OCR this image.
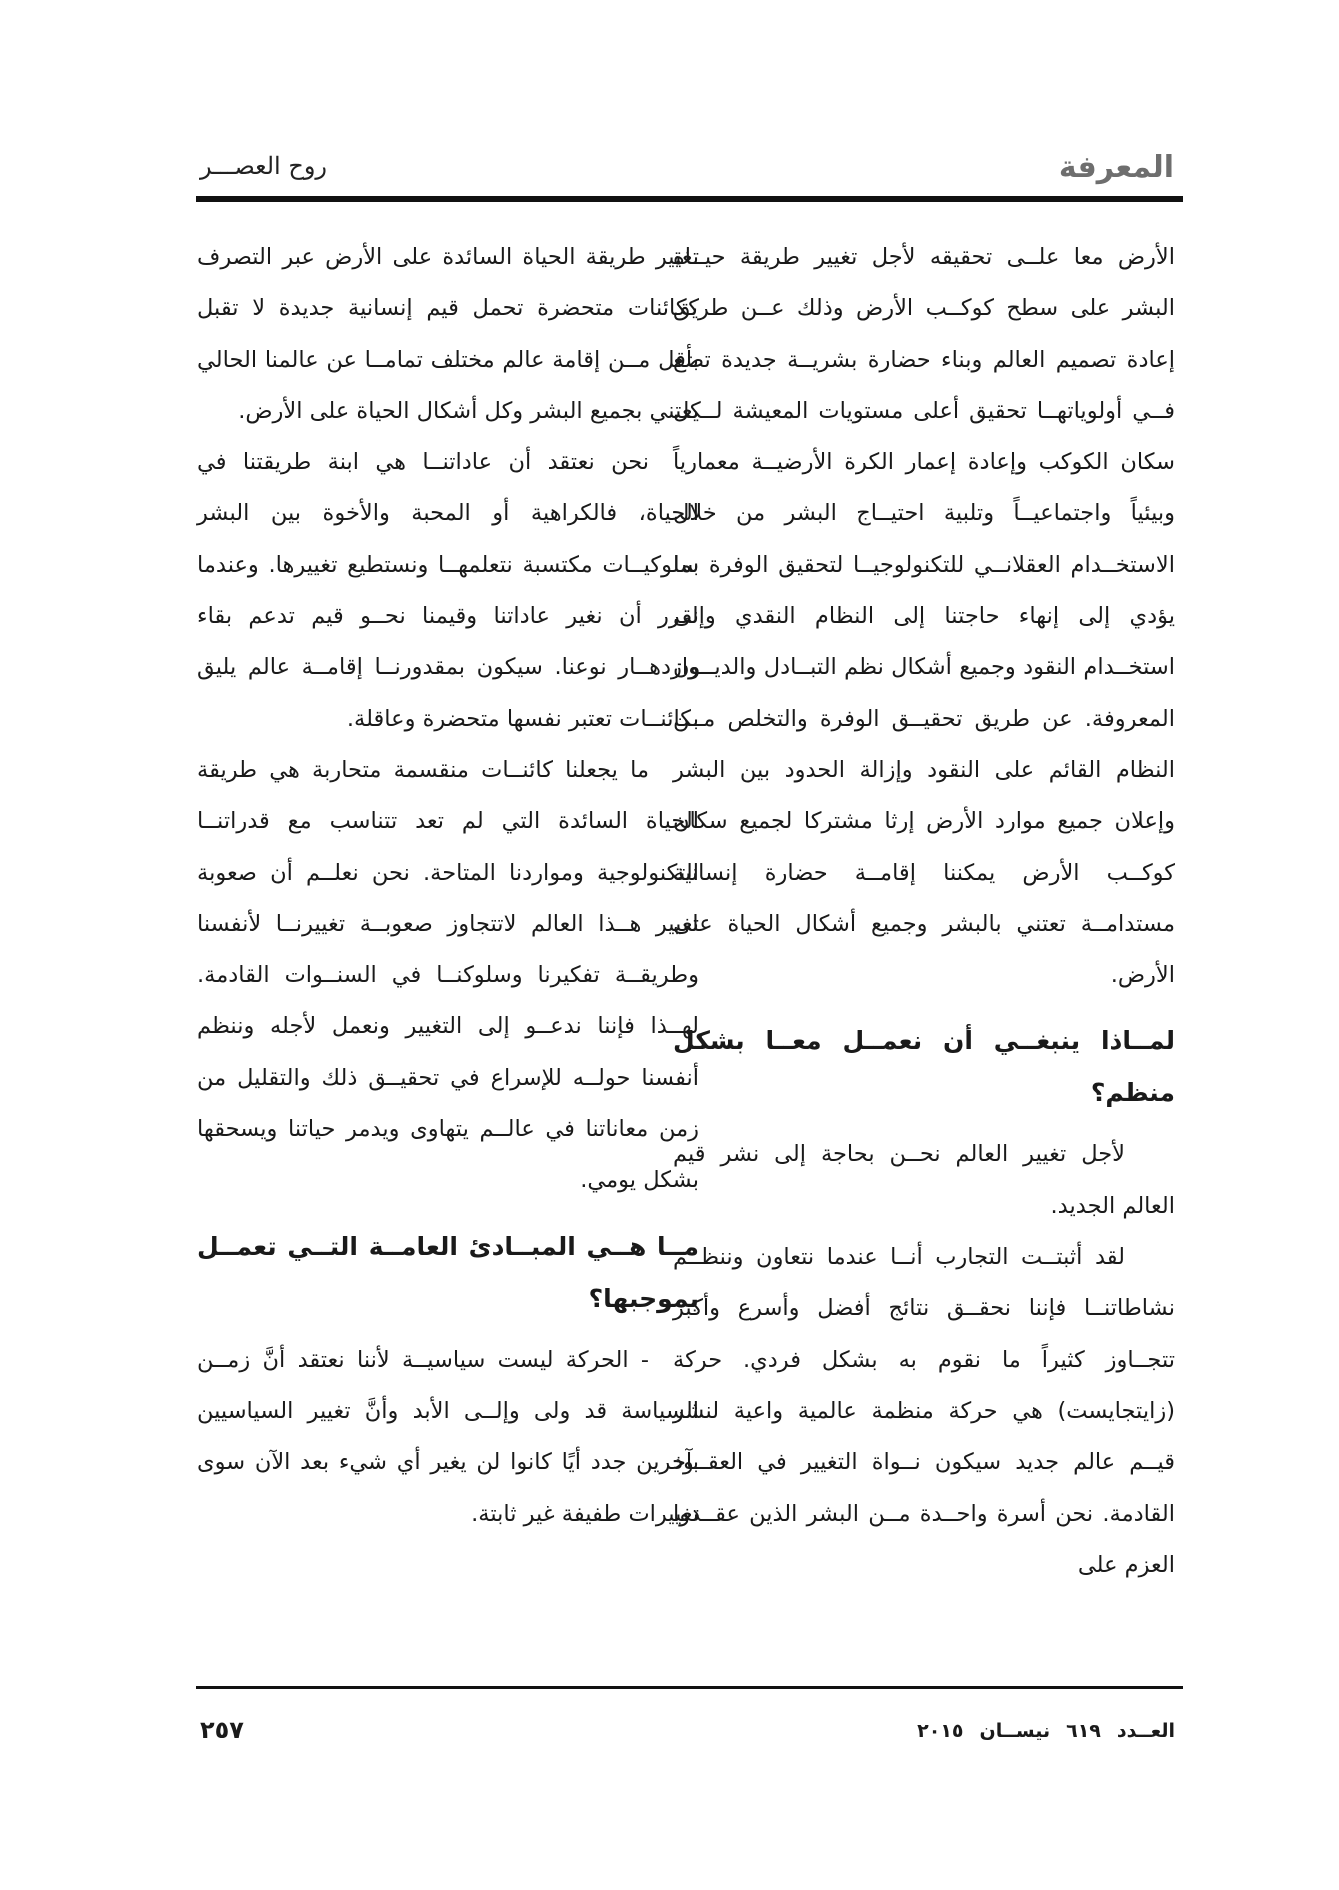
المعرفة
روح العصـــر

الأرض معا علــى تحقيقه لأجل تغيير طريقة حيــاة البشر على سطح كوكــب الأرض وذلك عــن طريق إعادة تصميم العالم وبناء حضارة بشريــة جديدة تضع فــي أولوياتهــا تحقيق أعلى مستويات المعيشة لــكل سكان الكوكب وإعادة إعمار الكرة الأرضيــة معمارياً وبيئياً واجتماعيــاً وتلبية احتيــاج البشر من خلال الاستخــدام العقلانــي للتكنولوجيــا لتحقيق الوفرة بما يؤدي إلى إنهاء حاجتنا إلى النظام النقدي وإلى استخــدام النقود وجميع أشكال نظم التبــادل والديــون المعروفة. عن طريق تحقيــق الوفرة والتخلص مــن النظام القائم على النقود وإزالة الحدود بين البشر وإعلان جميع موارد الأرض إرثا مشتركا لجميع سكان كوكــب الأرض يمكننا إقامــة حضارة إنسانية مستدامــة تعتني بالبشر وجميع أشكال الحياة على الأرض.

لمــاذا ينبغــي أن نعمــل معــا بشكل منظم؟

لأجل تغيير العالم نحــن بحاجة إلى نشر قيم العالم الجديد.

لقد أثبتــت التجارب أنــا عندما نتعاون وننظــم نشاطاتنــا فإننا نحقــق نتائج أفضل وأسرع وأكبر تتجــاوز كثيراً ما نقوم به بشكل فردي. حركة (زايتجايست) هي حركة منظمة عالمية واعية لنشر قيــم عالم جديد سيكون نــواة التغيير في العقــود القادمة. نحن أسرة واحــدة مــن البشر الذين عقــدوا العزم على

تغيير طريقة الحياة السائدة على الأرض عبر التصرف ككائنات متحضرة تحمل قيم إنسانية جديدة لا تقبل بأقل مــن إقامة عالم مختلف تمامــا عن عالمنا الحالي يعتني بجميع البشر وكل أشكال الحياة على الأرض.

نحن نعتقد أن عاداتنــا هي ابنة طريقتنا في الحياة، فالكراهية أو المحبة والأخوة بين البشر سلوكيــات مكتسبة نتعلمهــا ونستطيع تغييرها. وعندما نقرر أن نغير عاداتنا وقيمنا نحــو قيم تدعم بقاء وازدهــار نوعنا. سيكون بمقدورنــا إقامــة عالم يليق بكائنــات تعتبر نفسها متحضرة وعاقلة.

ما يجعلنا كائنــات منقسمة متحاربة هي طريقة الحياة السائدة التي لم تعد تتناسب مع قدراتنــا التكنولوجية ومواردنا المتاحة. نحن نعلــم أن صعوبة تغيير هــذا العالم لاتتجاوز صعوبــة تغييرنــا لأنفسنا وطريقــة تفكيرنا وسلوكنــا في السنــوات القادمة. لهــذا فإننا ندعــو إلى التغيير ونعمل لأجله وننظم أنفسنا حولــه للإسراع في تحقيــق ذلك والتقليل من زمن معاناتنا في عالــم يتهاوى ويدمر حياتنا ويسحقها بشكل يومي.

مــا هــي المبــادئ العامــة التــي تعمــل بموجبها؟

- الحركة ليست سياسيــة لأننا نعتقد أنَّ زمــن السياسة قد ولى وإلــى الأبد وأنَّ تغيير السياسيين بآخرين جدد أيًا كانوا لن يغير أي شيء بعد الآن سوى تغييرات طفيفة غير ثابتة.

العــدد٦١٩نيســان٢٠١٥
٢٥٧
